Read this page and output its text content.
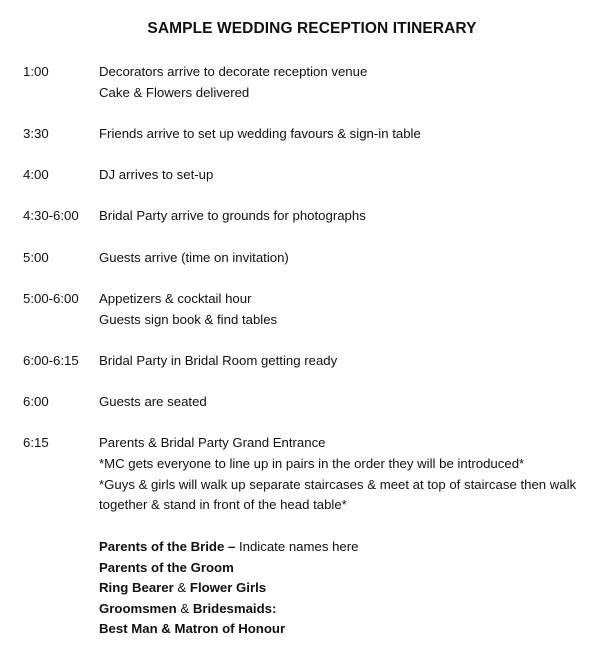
SAMPLE WEDDING RECEPTION ITINERARY
1:00	Decorators arrive to decorate reception venue
Cake & Flowers delivered
3:30	Friends arrive to set up wedding favours & sign-in table
4:00	DJ arrives to set-up
4:30-6:00	Bridal Party arrive to grounds for photographs
5:00	Guests arrive (time on invitation)
5:00-6:00	Appetizers & cocktail hour
Guests sign book & find tables
6:00-6:15	Bridal Party in Bridal Room getting ready
6:00	Guests are seated
6:15	Parents & Bridal Party Grand Entrance
*MC gets everyone to line up in pairs in the order they will be introduced*
*Guys & girls will walk up separate staircases & meet at top of staircase then walk
together & stand in front of the head table*
Parents of the Bride – Indicate names here
Parents of the Groom
Ring Bearer & Flower Girls
Groomsmen & Bridesmaids:
Best Man & Matron of Honour
